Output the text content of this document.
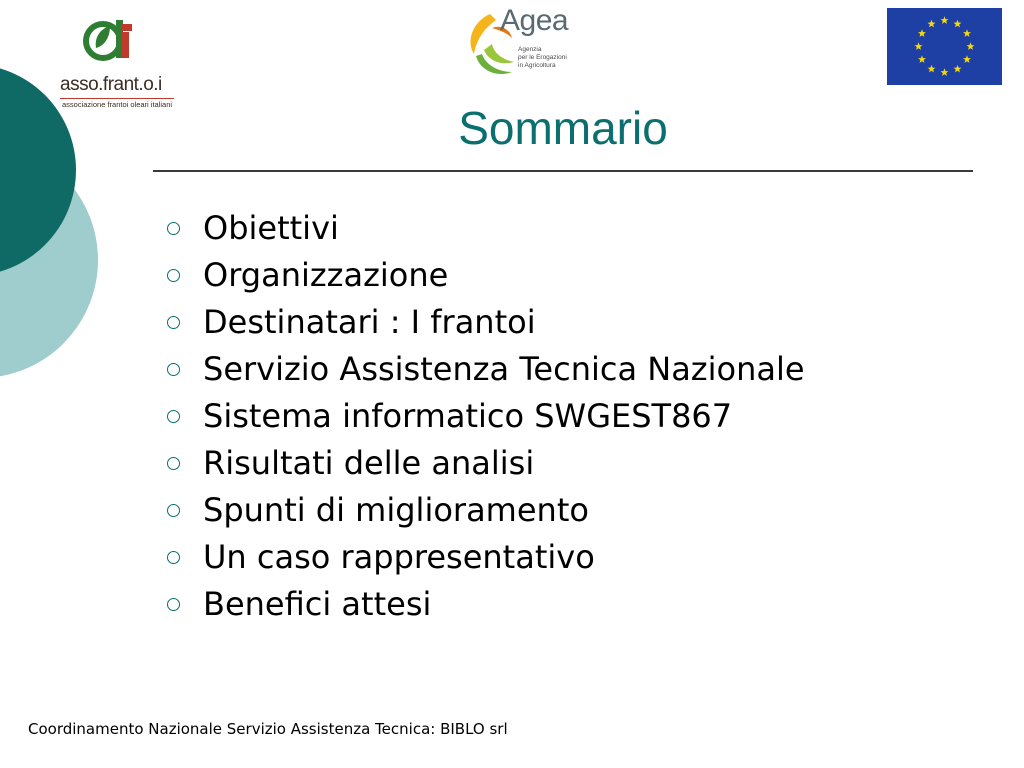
asso.frant.o.i
associazione frantoi oleari italiani
Agea
Agenzia
per le Erogazioni
in Agricoltura
Sommario
Obiettivi
Organizzazione
Destinatari : I frantoi
Servizio Assistenza Tecnica Nazionale
Sistema informatico SWGEST867
Risultati delle analisi
Spunti di miglioramento
Un caso rappresentativo
Benefici attesi
Coordinamento Nazionale Servizio Assistenza Tecnica: BIBLO srl
